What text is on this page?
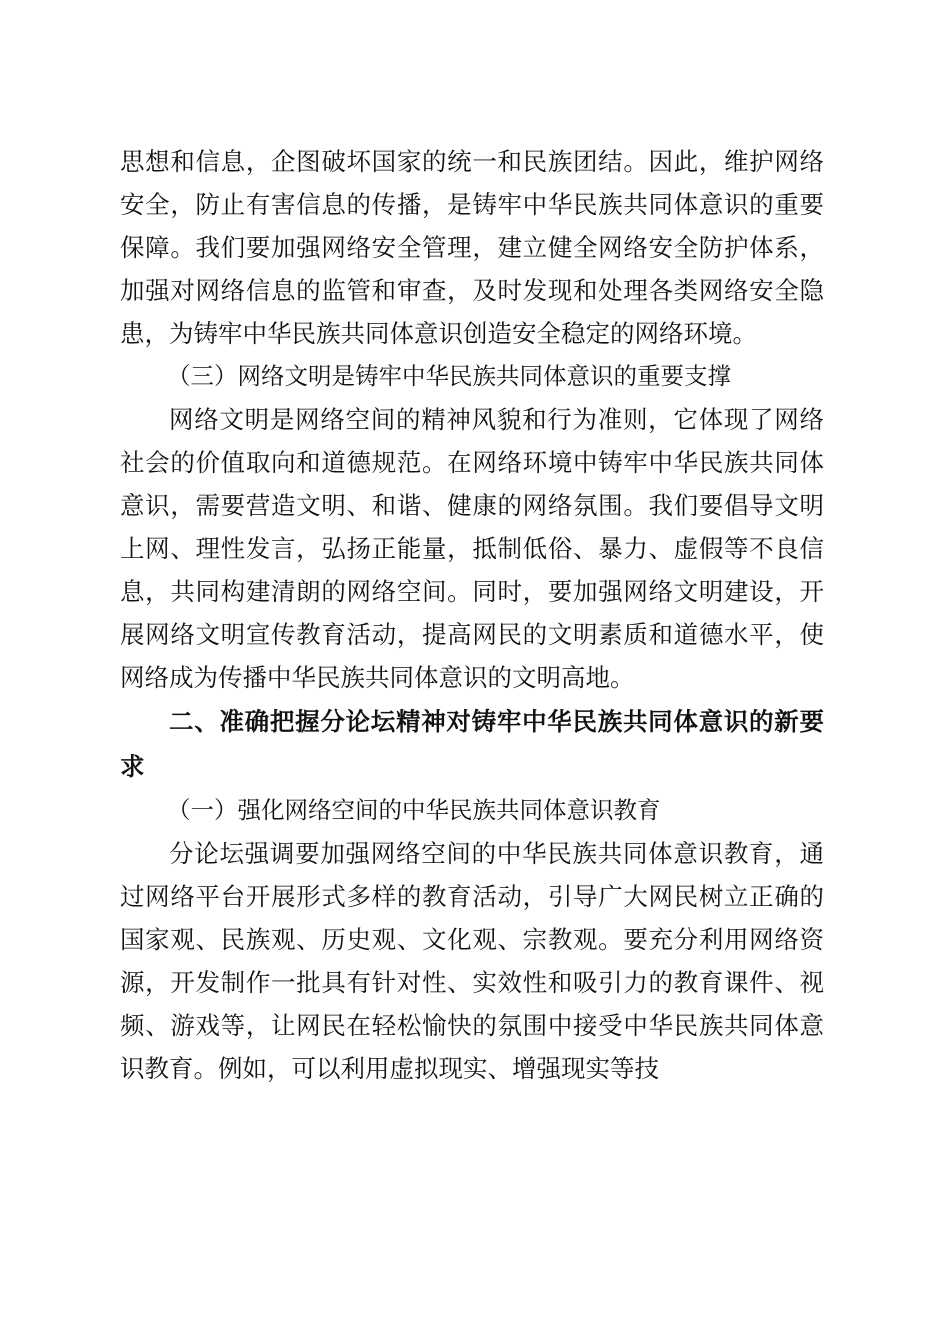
思想和信息，企图破坏国家的统一和民族团结。因此，维护网络安全，防止有害信息的传播，是铸牢中华民族共同体意识的重要保障。我们要加强网络安全管理，建立健全网络安全防护体系，加强对网络信息的监管和审查，及时发现和处理各类网络安全隐患，为铸牢中华民族共同体意识创造安全稳定的网络环境。

（三）网络文明是铸牢中华民族共同体意识的重要支撑

网络文明是网络空间的精神风貌和行为准则，它体现了网络社会的价值取向和道德规范。在网络环境中铸牢中华民族共同体意识，需要营造文明、和谐、健康的网络氛围。我们要倡导文明上网、理性发言，弘扬正能量，抵制低俗、暴力、虚假等不良信息，共同构建清朗的网络空间。同时，要加强网络文明建设，开展网络文明宣传教育活动，提高网民的文明素质和道德水平，使网络成为传播中华民族共同体意识的文明高地。

二、准确把握分论坛精神对铸牢中华民族共同体意识的新要求
（一）强化网络空间的中华民族共同体意识教育

分论坛强调要加强网络空间的中华民族共同体意识教育，通过网络平台开展形式多样的教育活动，引导广大网民树立正确的国家观、民族观、历史观、文化观、宗教观。要充分利用网络资源，开发制作一批具有针对性、实效性和吸引力的教育课件、视频、游戏等，让网民在轻松愉快的氛围中接受中华民族共同体意识教育。例如，可以利用虚拟现实、增强现实等技
